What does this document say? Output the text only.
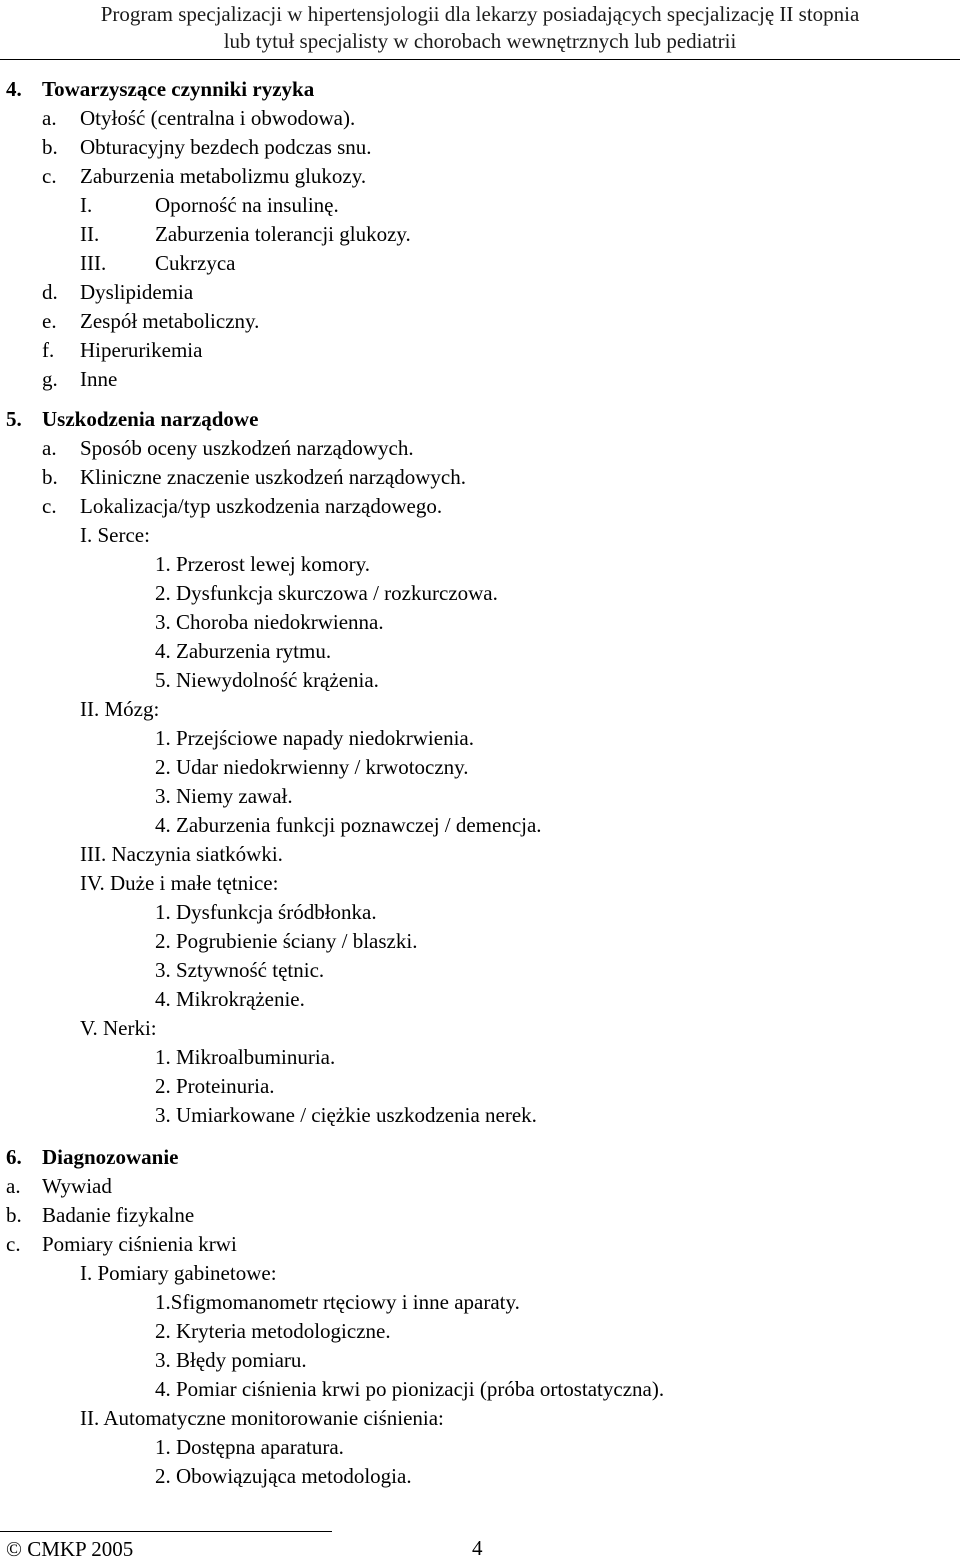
Program specjalizacji w hipertensjologii dla lekarzy posiadających specjalizację II stopnia
lub tytuł specjalisty w chorobach wewnętrznych lub pediatrii
4. Towarzyszące czynniki ryzyka
a. Otyłość (centralna i obwodowa).
b. Obturacyjny bezdech podczas snu.
c. Zaburzenia metabolizmu glukozy.
I.	Oporność na insulinę.
II.	Zaburzenia tolerancji glukozy.
III. Cukrzyca
d. Dyslipidemia
e. Zespół metaboliczny.
f. Hiperurikemia
g. Inne
5. Uszkodzenia narządowe
a. Sposób oceny uszkodzeń narządowych.
b. Kliniczne znaczenie uszkodzeń narządowych.
c. Lokalizacja/typ uszkodzenia narządowego.
I. Serce:
1. Przerost lewej komory.
2. Dysfunkcja skurczowa / rozkurczowa.
3. Choroba niedokrwienna.
4. Zaburzenia rytmu.
5. Niewydolność krążenia.
II. Mózg:
1. Przejściowe napady niedokrwienia.
2. Udar niedokrwienny / krwotoczny.
3. Niemy zawał.
4. Zaburzenia funkcji poznawczej / demencja.
III. Naczynia siatkówki.
IV. Duże i małe tętnice:
1. Dysfunkcja śródbłonka.
2. Pogrubienie ściany / blaszki.
3. Sztywność tętnic.
4. Mikrokrążenie.
V. Nerki:
1. Mikroalbuminuria.
2. Proteinuria.
3. Umiarkowane / ciężkie uszkodzenia nerek.
6. Diagnozowanie
a. Wywiad
b. Badanie fizykalne
c. Pomiary ciśnienia krwi
I. Pomiary gabinetowe:
1.Sfigmomanometr rtęciowy i inne aparaty.
2. Kryteria metodologiczne.
3. Błędy pomiaru.
4. Pomiar ciśnienia krwi po pionizacji (próba ortostatyczna).
II. Automatyczne monitorowanie ciśnienia:
1. Dostępna aparatura.
2. Obowiązująca metodologia.
© CMKP 2005	4
